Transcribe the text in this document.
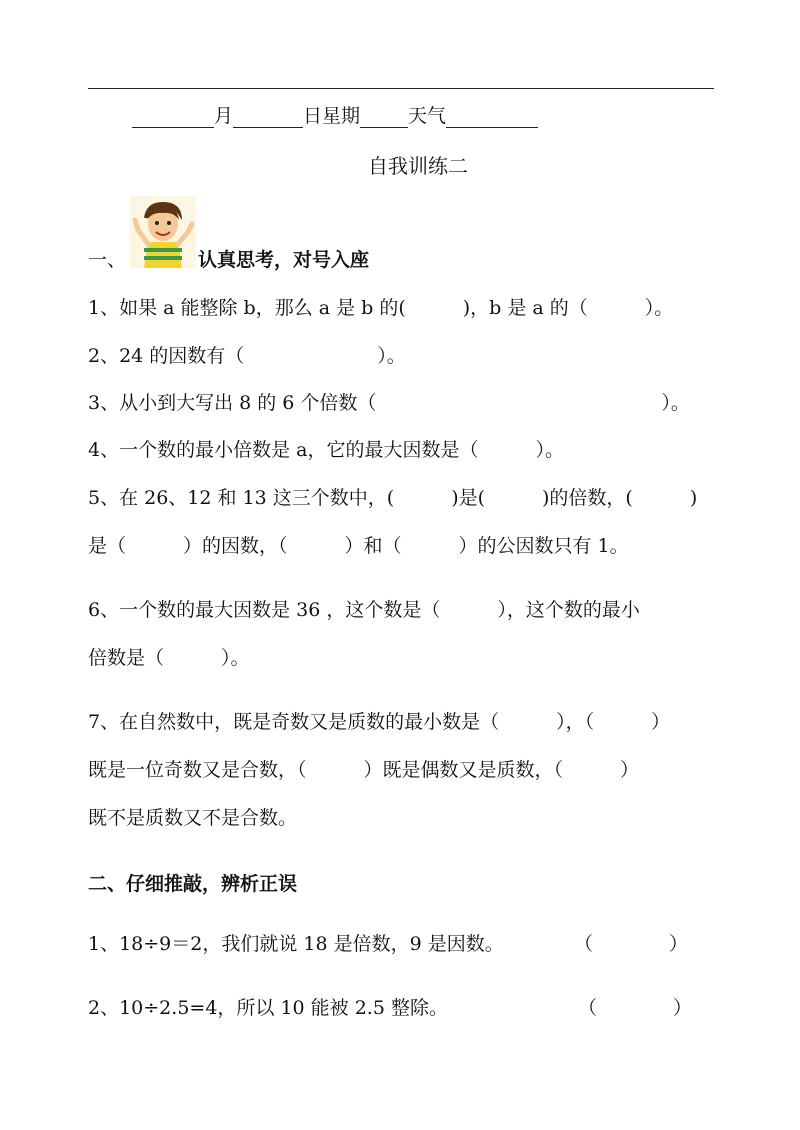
月	日星期	天气
自我训练二
一、	认真思考，对号入座
1、如果 a 能整除 b，那么 a 是 b 的(　　　)，b 是 a 的（　　　）。
2、24 的因数有（　　　　　　　）。
3、从小到大写出 8 的 6 个倍数（　　　　　　　　　　　　　　　）。
4、一个数的最小倍数是 a，它的最大因数是（　　　）。
5、在 26、12 和 13 这三个数中，(　　　)是(　　　)的倍数，(　　　)
是（　　　）的因数，（　　　）和（　　　）的公因数只有 1。
6、一个数的最大因数是 36 ，这个数是（　　　），这个数的最小
倍数是（　　　）。
7、在自然数中，既是奇数又是质数的最小数是（　　　），（　　　）
既是一位奇数又是合数，（　　　）既是偶数又是质数，（　　　）
既不是质数又不是合数。
二、仔细推敲，辨析正误
1、18÷9＝2，我们就说 18 是倍数，9 是因数。	（　　　　）
2、10÷2.5=4，所以 10 能被 2.5 整除。	（　　　　）
